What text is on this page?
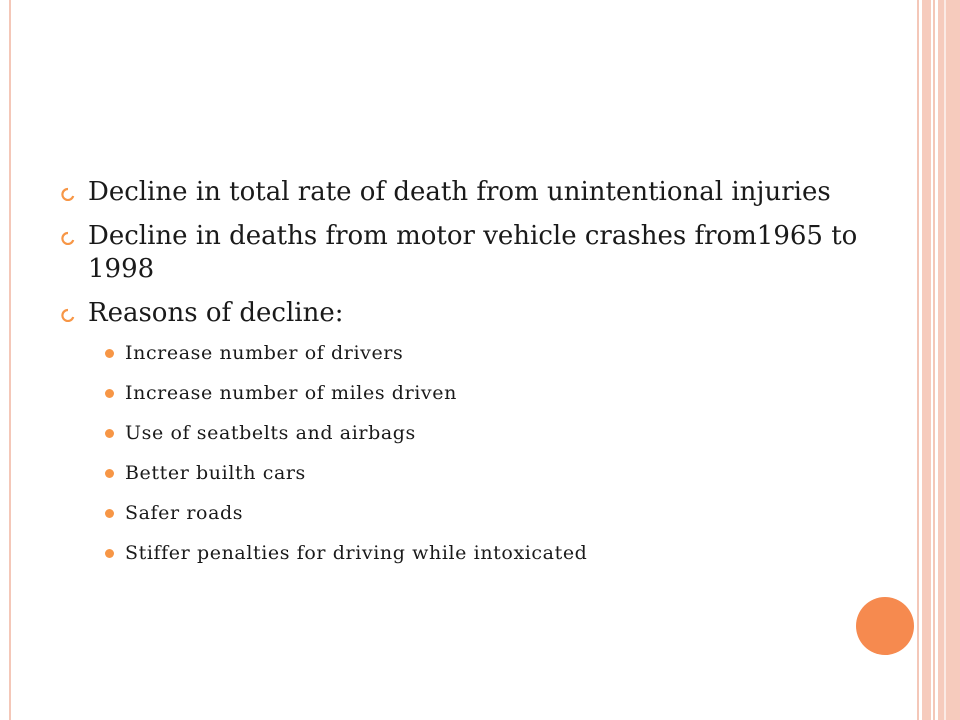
Decline in total rate of death from unintentional injuries
Decline in deaths from motor vehicle crashes from1965 to 1998
Reasons of decline:
Increase number of drivers
Increase number of miles driven
Use of seatbelts and airbags
Better builth cars
Safer roads
Stiffer penalties for driving while intoxicated
